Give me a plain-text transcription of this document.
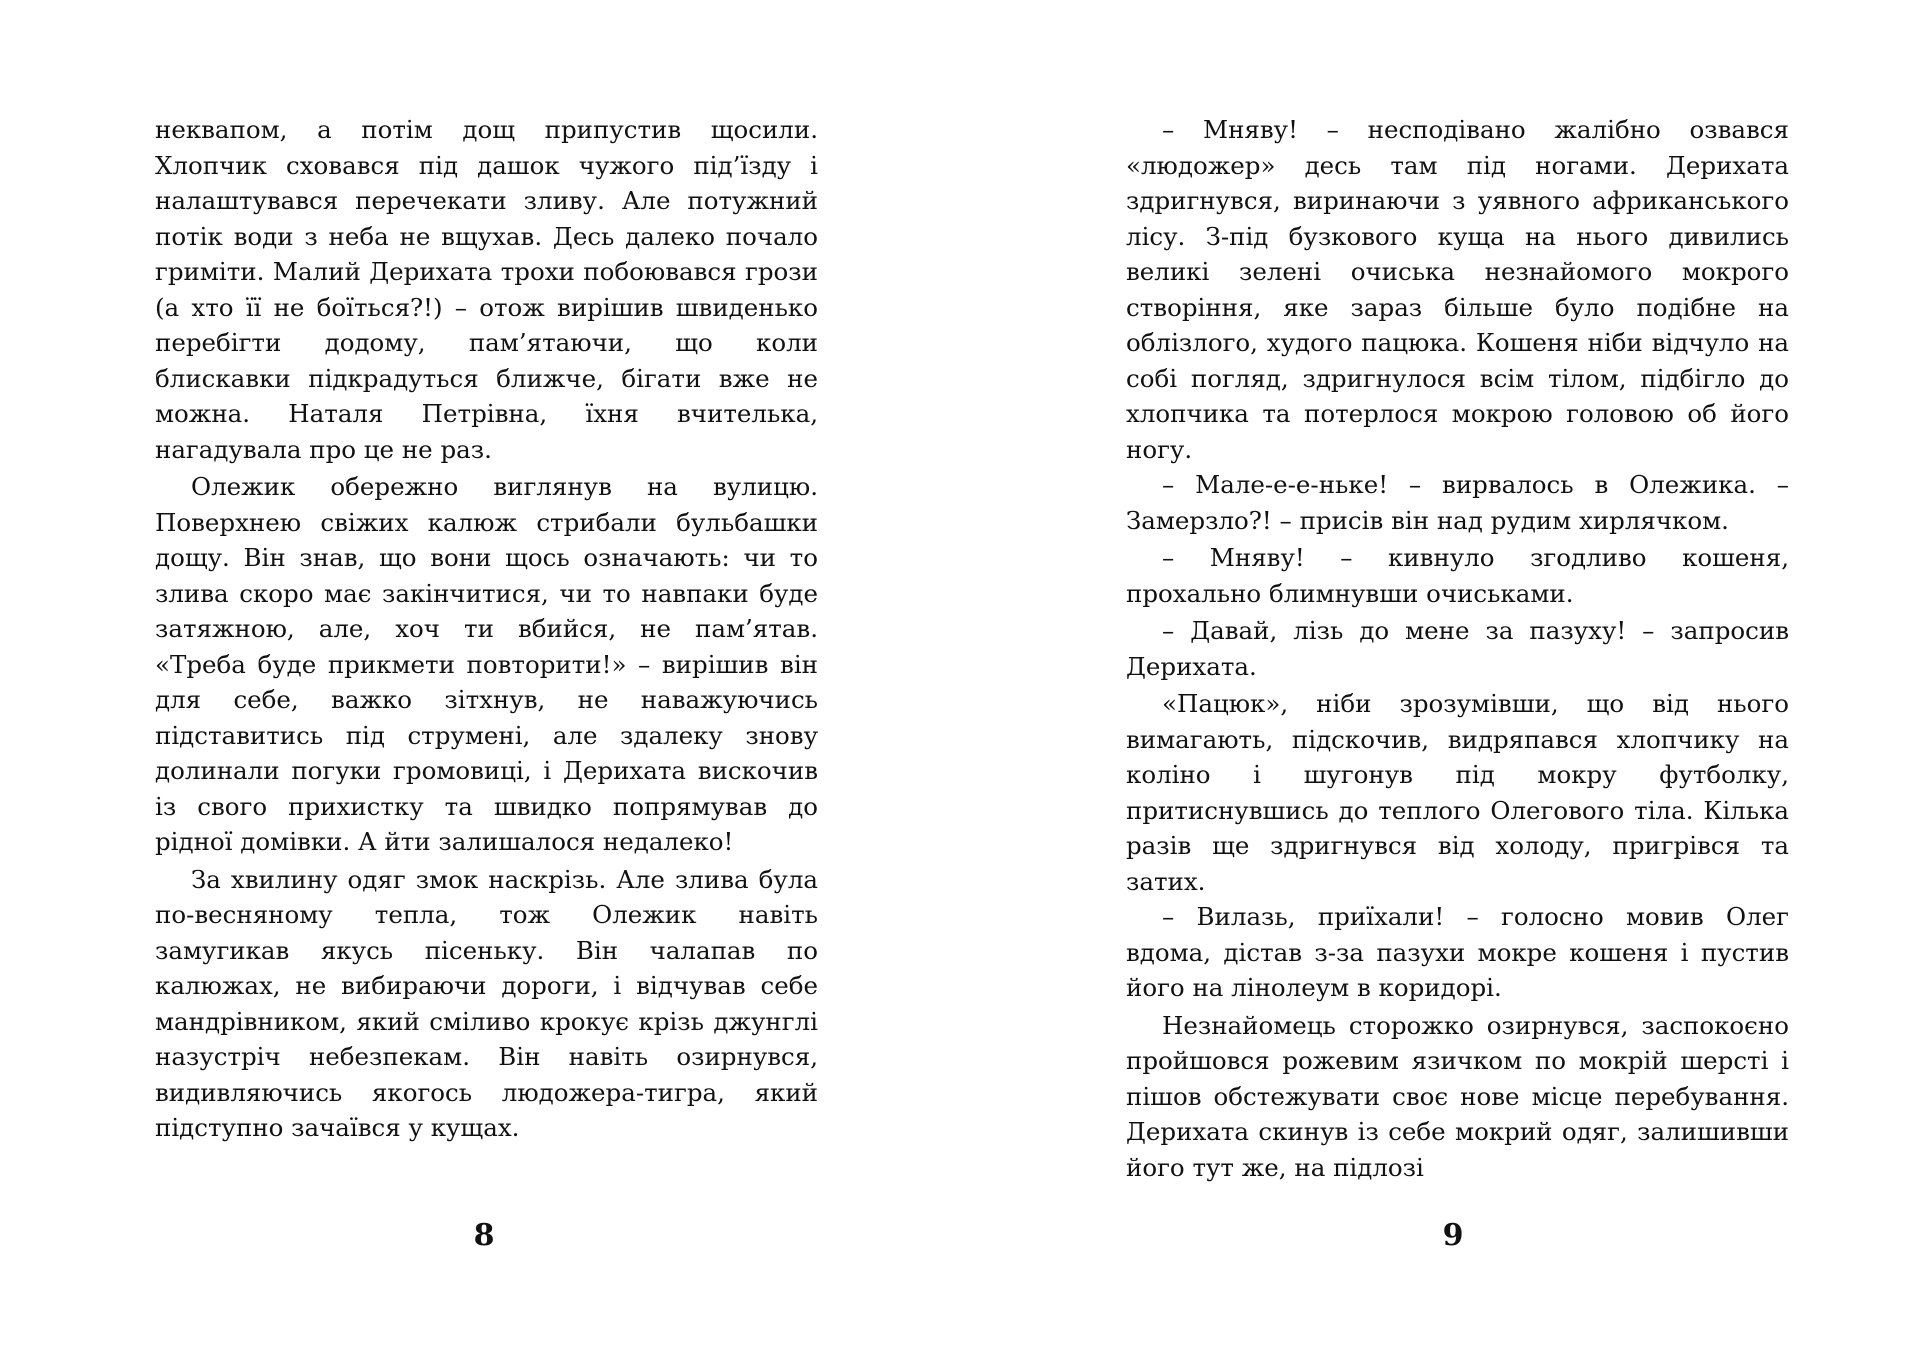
неквапом, а потім дощ припустив щосили. Хлопчик сховався під дашок чужого під’їзду і налаштувався перечекати зливу. Але потужний потік води з неба не вщухав. Десь далеко почало гриміти. Малий Дерихата трохи побоювався грози (а хто її не боїться?!) – отож вирішив швиденько перебігти додому, пам’ятаючи, що коли блискавки підкрадуться ближче, бігати вже не можна. Наталя Петрівна, їхня вчителька, нагадувала про це не раз.

Олежик обережно виглянув на вулицю. Поверхнею свіжих калюж стрибали бульбашки дощу. Він знав, що вони щось означають: чи то злива скоро має закінчитися, чи то навпаки буде затяжною, але, хоч ти вбийся, не пам’ятав. «Треба буде прикмети повторити!» – вирішив він для себе, важко зітхнув, не наважуючись підставитись під струмені, але здалеку знову долинали погуки громовиці, і Дерихата вискочив із свого прихистку та швидко попрямував до рідної домівки. А йти залишалося недалеко!

За хвилину одяг змок наскрізь. Але злива була по-весняному тепла, тож Олежик навіть замугикав якусь пісеньку. Він чалапав по калюжах, не вибираючи дороги, і відчував себе мандрівником, який сміливо крокує крізь джунглі назустріч небезпекам. Він навіть озирнувся, видивляючись якогось людожера-тигра, який підступно зачаївся у кущах.

– Мняву! – несподівано жалібно озвався «людожер» десь там під ногами. Дерихата здригнувся, виринаючи з уявного африканського лісу. З-під бузкового куща на нього дивились великі зелені очиська незнайомого мокрого створіння, яке зараз більше було подібне на облізлого, худого пацюка. Кошеня ніби відчуло на собі погляд, здригнулося всім тілом, підбігло до хлопчика та потерлося мокрою головою об його ногу.

– Мале-е-е-ньке! – вирвалось в Олежика. – Замерзло?! – присів він над рудим хирлячком.

– Мняву! – кивнуло згодливо кошеня, прохально блимнувши очиськами.

– Давай, лізь до мене за пазуху! – запросив Дерихата.

«Пацюк», ніби зрозумівши, що від нього вимагають, підскочив, видряпався хлопчику на коліно і шугонув під мокру футболку, притиснувшись до теплого Олегового тіла. Кілька разів ще здригнувся від холоду, пригрівся та затих.

– Вилазь, приїхали! – голосно мовив Олег вдома, дістав з-за пазухи мокре кошеня і пустив його на лінолеум в коридорі.

Незнайомець сторожко озирнувся, заспокоєно пройшовся рожевим язичком по мокрій шерсті і пішов обстежувати своє нове місце перебування. Дерихата скинув із себе мокрий одяг, залишивши його тут же, на підлозі

8	9
